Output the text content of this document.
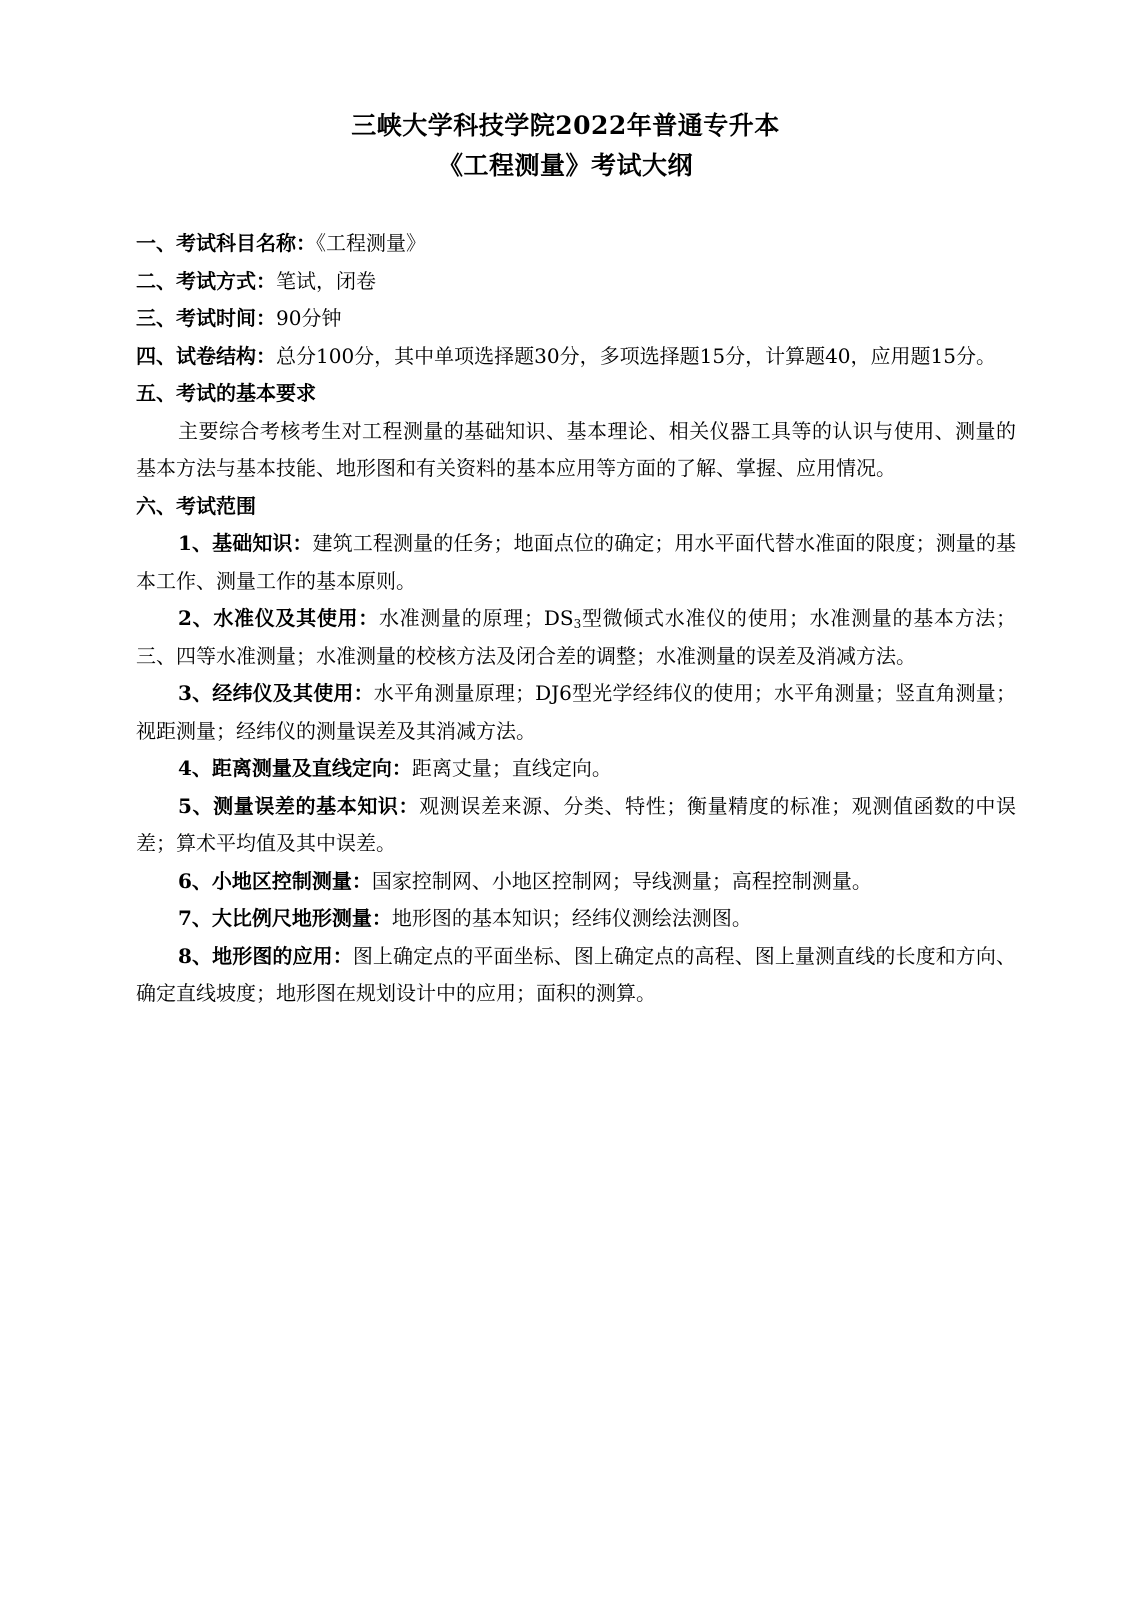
三峡大学科技学院2022年普通专升本
《工程测量》考试大纲

一、考试科目名称：《工程测量》

二、考试方式：笔试，闭卷

三、考试时间：90分钟

四、试卷结构：总分100分，其中单项选择题30分，多项选择题15分，计算题40，应用题15分。

五、考试的基本要求

主要综合考核考生对工程测量的基础知识、基本理论、相关仪器工具等的认识与使用、测量的基本方法与基本技能、地形图和有关资料的基本应用等方面的了解、掌握、应用情况。

六、考试范围

1、基础知识：建筑工程测量的任务；地面点位的确定；用水平面代替水准面的限度；测量的基本工作、测量工作的基本原则。

2、水准仪及其使用：水准测量的原理；$DS_3$型微倾式水准仪的使用；水准测量的基本方法；三、四等水准测量；水准测量的校核方法及闭合差的调整；水准测量的误差及消减方法。

3、经纬仪及其使用：水平角测量原理；DJ6型光学经纬仪的使用；水平角测量；竖直角测量；视距测量；经纬仪的测量误差及其消减方法。

4、距离测量及直线定向：距离丈量；直线定向。

5、测量误差的基本知识：观测误差来源、分类、特性；衡量精度的标准；观测值函数的中误差；算术平均值及其中误差。

6、小地区控制测量：国家控制网、小地区控制网；导线测量；高程控制测量。

7、大比例尺地形测量：地形图的基本知识；经纬仪测绘法测图。

8、地形图的应用：图上确定点的平面坐标、图上确定点的高程、图上量测直线的长度和方向、确定直线坡度；地形图在规划设计中的应用；面积的测算。
